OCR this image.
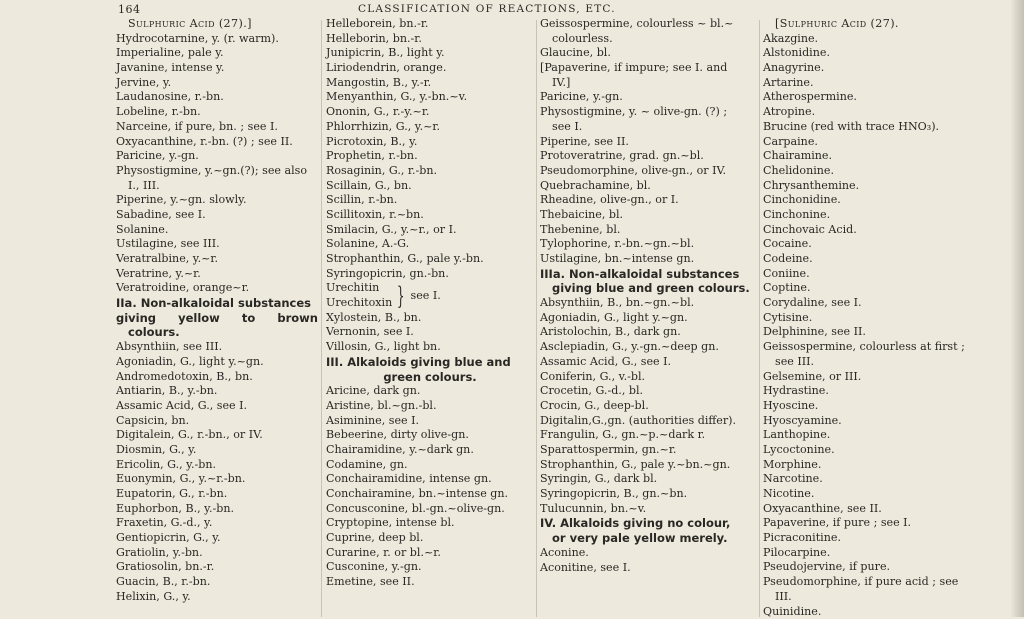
164	CLASSIFICATION OF REACTIONS, ETC.
Sulphuric Acid (27).]
Hydrocotarnine, y. (r. warm).
Imperialine, pale y.
Javanine, intense y.
Jervine, y.
Laudanosine, r.-bn.
Lobeline, r.-bn.
Narceine, if pure, bn. ; see I.
Oxyacanthine, r.-bn. (?) ; see II.
Paricine, y.-gn.
Physostigmine, y.~gn.(?); see also
I., III.
Piperine, y.~gn. slowly.
Sabadine, see I.
Solanine.
Ustilagine, see III.
Veratralbine, y.~r.
Veratrine, y.~r.
Veratroidine, orange~r.
IIa. Non-alkaloidal substances
giving yellow to brown
colours.
Absynthiin, see III.
Agoniadin, G., light y.~gn.
Andromedotoxin, B., bn.
Antiarin, B., y.-bn.
Assamic Acid, G., see I.
Capsicin, bn.
Digitalein, G., r.-bn., or IV.
Diosmin, G., y.
Ericolin, G., y.-bn.
Euonymin, G., y.~r.-bn.
Eupatorin, G., r.-bn.
Euphorbon, B., y.-bn.
Fraxetin, G.-d., y.
Gentiopicrin, G., y.
Gratiolin, y.-bn.
Gratiosolin, bn.-r.
Guacin, B., r.-bn.
Helixin, G., y.
Helleborein, bn.-r.
Helleborin, bn.-r.
Junipicrin, B., light y.
Liriodendrin, orange.
Mangostin, B., y.-r.
Menyanthin, G., y.-bn.~v.
Ononin, G., r.-y.~r.
Phlorrhizin, G., y.~r.
Picrotoxin, B., y.
Prophetin, r.-bn.
Rosaginin, G., r.-bn.
Scillain, G., bn.
Scillin, r.-bn.
Scillitoxin, r.~bn.
Smilacin, G., y.~r., or I.
Solanine, A.-G.
Strophanthin, G., pale y.-bn.
Syringopicrin, gn.-bn.
Urechitin
Urechitoxin } see I.
Xylostein, B., bn.
Vernonin, see I.
Villosin, G., light bn.
III. Alkaloids giving blue and
green colours.
Aricine, dark gn.
Aristine, bl.~gn.-bl.
Asiminine, see I.
Bebeerine, dirty olive-gn.
Chairamidine, y.~dark gn.
Codamine, gn.
Conchairamidine, intense gn.
Conchairamine, bn.~intense gn.
Concusconine, bl.-gn.~olive-gn.
Cryptopine, intense bl.
Cuprine, deep bl.
Curarine, r. or bl.~r.
Cusconine, y.-gn.
Emetine, see II.
Geissospermine, colourless ~ bl.~
colourless.
Glaucine, bl.
[Papaverine, if impure; see I. and
IV.]
Paricine, y.-gn.
Physostigmine, y. ~ olive-gn. (?) ;
see I.
Piperine, see II.
Protoveratrine, grad. gn.~bl.
Pseudomorphine, olive-gn., or IV.
Quebrachamine, bl.
Rheadine, olive-gn., or I.
Thebaicine, bl.
Thebenine, bl.
Tylophorine, r.-bn.~gn.~bl.
Ustilagine, bn.~intense gn.
IIIa. Non-alkaloidal substances
giving blue and green colours.
Absynthiin, B., bn.~gn.~bl.
Agoniadin, G., light y.~gn.
Aristolochin, B., dark gn.
Asclepiadin, G., y.-gn.~deep gn.
Assamic Acid, G., see I.
Coniferin, G., v.-bl.
Crocetin, G.-d., bl.
Crocin, G., deep-bl.
Digitalin,G.,gn. (authorities differ).
Frangulin, G., gn.~p.~dark r.
Sparattospermin, gn.~r.
Strophanthin, G., pale y.~bn.~gn.
Syringin, G., dark bl.
Syringopicrin, B., gn.~bn.
Tulucunnin, bn.~v.
IV. Alkaloids giving no colour,
or very pale yellow merely.
Aconine.
Aconitine, see I.
[Sulphuric Acid (27).
Akazgine.
Alstonidine.
Anagyrine.
Artarine.
Atherospermine.
Atropine.
Brucine (red with trace HNO₃).
Carpaine.
Chairamine.
Chelidonine.
Chrysanthemine.
Cinchonidine.
Cinchonine.
Cinchovaic Acid.
Cocaine.
Codeine.
Coniine.
Coptine.
Corydaline, see I.
Cytisine.
Delphinine, see II.
Geissospermine, colourless at first ;
see III.
Gelsemine, or III.
Hydrastine.
Hyoscine.
Hyoscyamine.
Lanthopine.
Lycoctonine.
Morphine.
Narcotine.
Nicotine.
Oxyacanthine, see II.
Papaverine, if pure ; see I.
Picraconitine.
Pilocarpine.
Pseudojervine, if pure.
Pseudomorphine, if pure acid ; see
III.
Quinidine.
